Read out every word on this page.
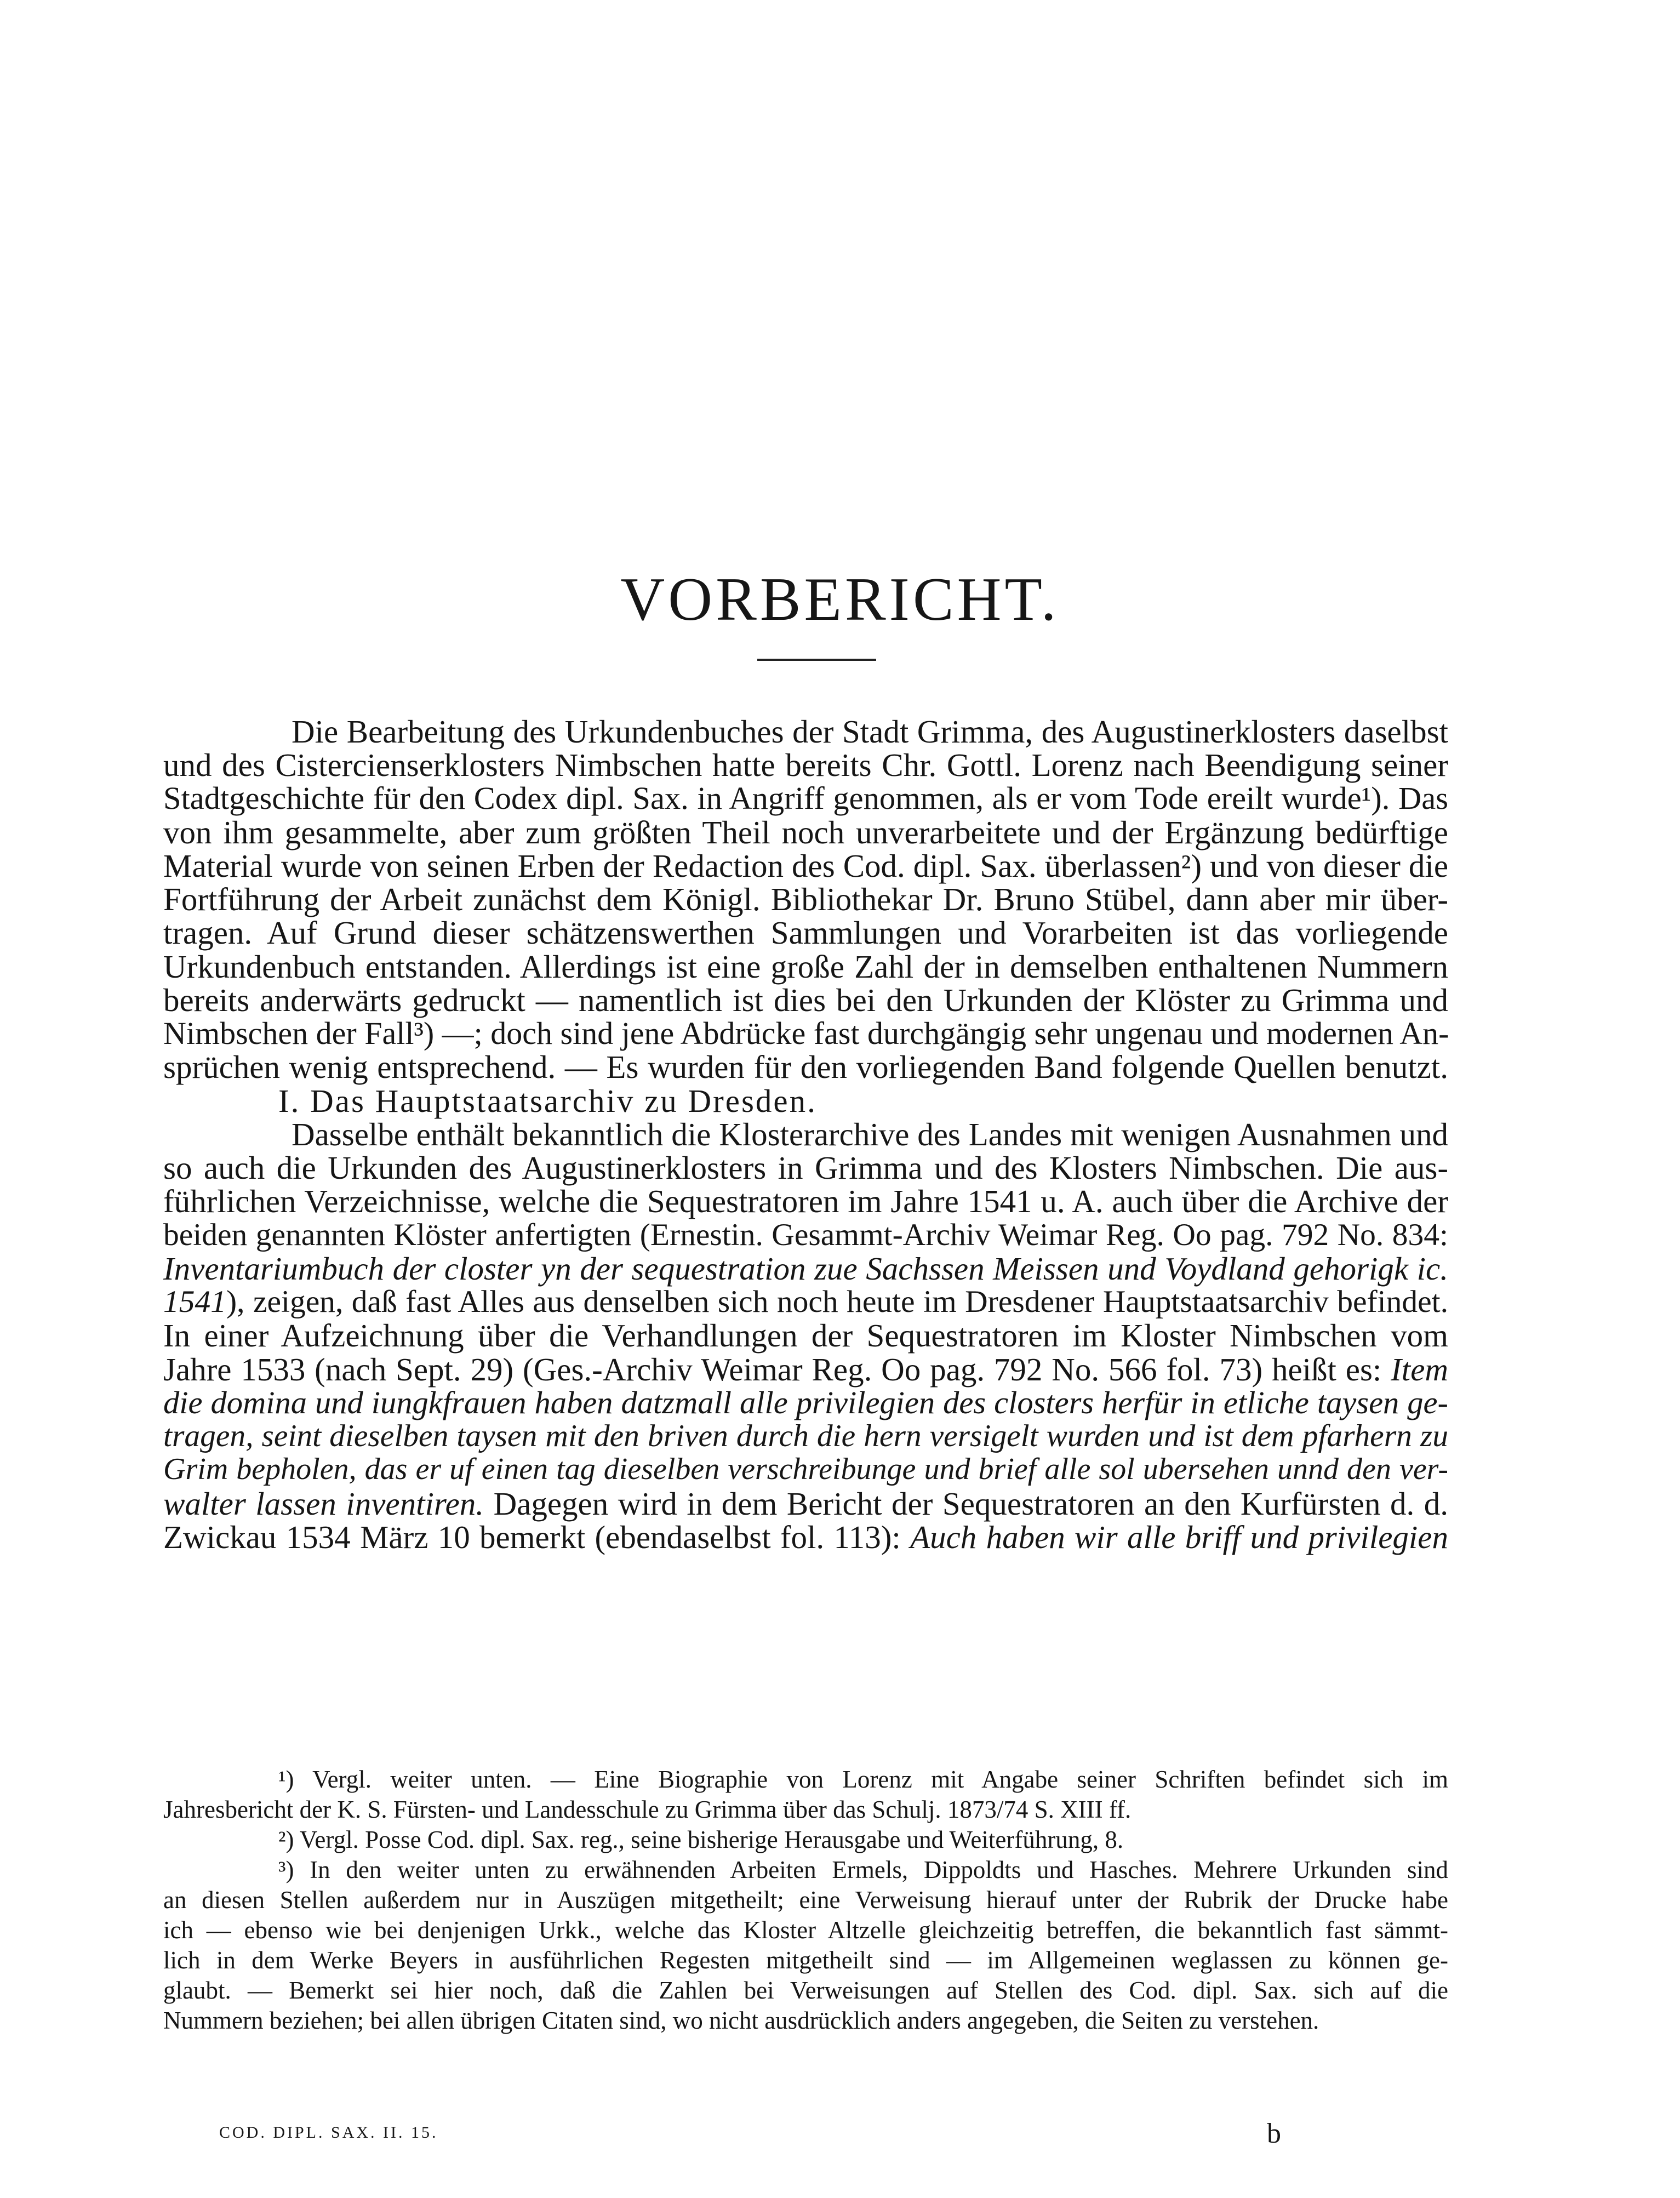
VORBERICHT.
Die Bearbeitung des Urkundenbuches der Stadt Grimma, des Augustinerklosters daselbst
und des Cistercienserklosters Nimbschen hatte bereits Chr. Gottl. Lorenz nach Beendigung seiner
Stadtgeschichte für den Codex dipl. Sax. in Angriff genommen, als er vom Tode ereilt wurde¹). Das
von ihm gesammelte, aber zum größten Theil noch unverarbeitete und der Ergänzung bedürftige
Material wurde von seinen Erben der Redaction des Cod. dipl. Sax. überlassen²) und von dieser die
Fortführung der Arbeit zunächst dem Königl. Bibliothekar Dr. Bruno Stübel, dann aber mir über-
tragen. Auf Grund dieser schätzenswerthen Sammlungen und Vorarbeiten ist das vorliegende
Urkundenbuch entstanden. Allerdings ist eine große Zahl der in demselben enthaltenen Nummern
bereits anderwärts gedruckt — namentlich ist dies bei den Urkunden der Klöster zu Grimma und
Nimbschen der Fall³) —; doch sind jene Abdrücke fast durchgängig sehr ungenau und modernen An-
sprüchen wenig entsprechend. — Es wurden für den vorliegenden Band folgende Quellen benutzt.
I. Das Hauptstaatsarchiv zu Dresden.
Dasselbe enthält bekanntlich die Klosterarchive des Landes mit wenigen Ausnahmen und
so auch die Urkunden des Augustinerklosters in Grimma und des Klosters Nimbschen. Die aus-
führlichen Verzeichnisse, welche die Sequestratoren im Jahre 1541 u. A. auch über die Archive der
beiden genannten Klöster anfertigten (Ernestin. Gesammt-Archiv Weimar Reg. Oo pag. 792 No. 834:
Inventariumbuch der closter yn der sequestration zue Sachssen Meissen und Voydland gehorigk ic.
1541), zeigen, daß fast Alles aus denselben sich noch heute im Dresdener Hauptstaatsarchiv befindet.
In einer Aufzeichnung über die Verhandlungen der Sequestratoren im Kloster Nimbschen vom
Jahre 1533 (nach Sept. 29) (Ges.-Archiv Weimar Reg. Oo pag. 792 No. 566 fol. 73) heißt es: Item
die domina und iungkfrauen haben datzmall alle privilegien des closters herfür in etliche taysen ge-
tragen, seint dieselben taysen mit den briven durch die hern versigelt wurden und ist dem pfarhern zu
Grim bepholen, das er uf einen tag dieselben verschreibunge und brief alle sol ubersehen unnd den ver-
walter lassen inventiren. Dagegen wird in dem Bericht der Sequestratoren an den Kurfürsten d. d.
Zwickau 1534 März 10 bemerkt (ebendaselbst fol. 113): Auch haben wir alle briff und privilegien
¹) Vergl. weiter unten. — Eine Biographie von Lorenz mit Angabe seiner Schriften befindet sich im
Jahresbericht der K. S. Fürsten- und Landesschule zu Grimma über das Schulj. 1873/74 S. XIII ff.
²) Vergl. Posse Cod. dipl. Sax. reg., seine bisherige Herausgabe und Weiterführung, 8.
³) In den weiter unten zu erwähnenden Arbeiten Ermels, Dippoldts und Hasches. Mehrere Urkunden sind
an diesen Stellen außerdem nur in Auszügen mitgetheilt; eine Verweisung hierauf unter der Rubrik der Drucke habe
ich — ebenso wie bei denjenigen Urkk., welche das Kloster Altzelle gleichzeitig betreffen, die bekanntlich fast sämmt-
lich in dem Werke Beyers in ausführlichen Regesten mitgetheilt sind — im Allgemeinen weglassen zu können ge-
glaubt. — Bemerkt sei hier noch, daß die Zahlen bei Verweisungen auf Stellen des Cod. dipl. Sax. sich auf die
Nummern beziehen; bei allen übrigen Citaten sind, wo nicht ausdrücklich anders angegeben, die Seiten zu verstehen.
COD. DIPL. SAX. II. 15.	b
